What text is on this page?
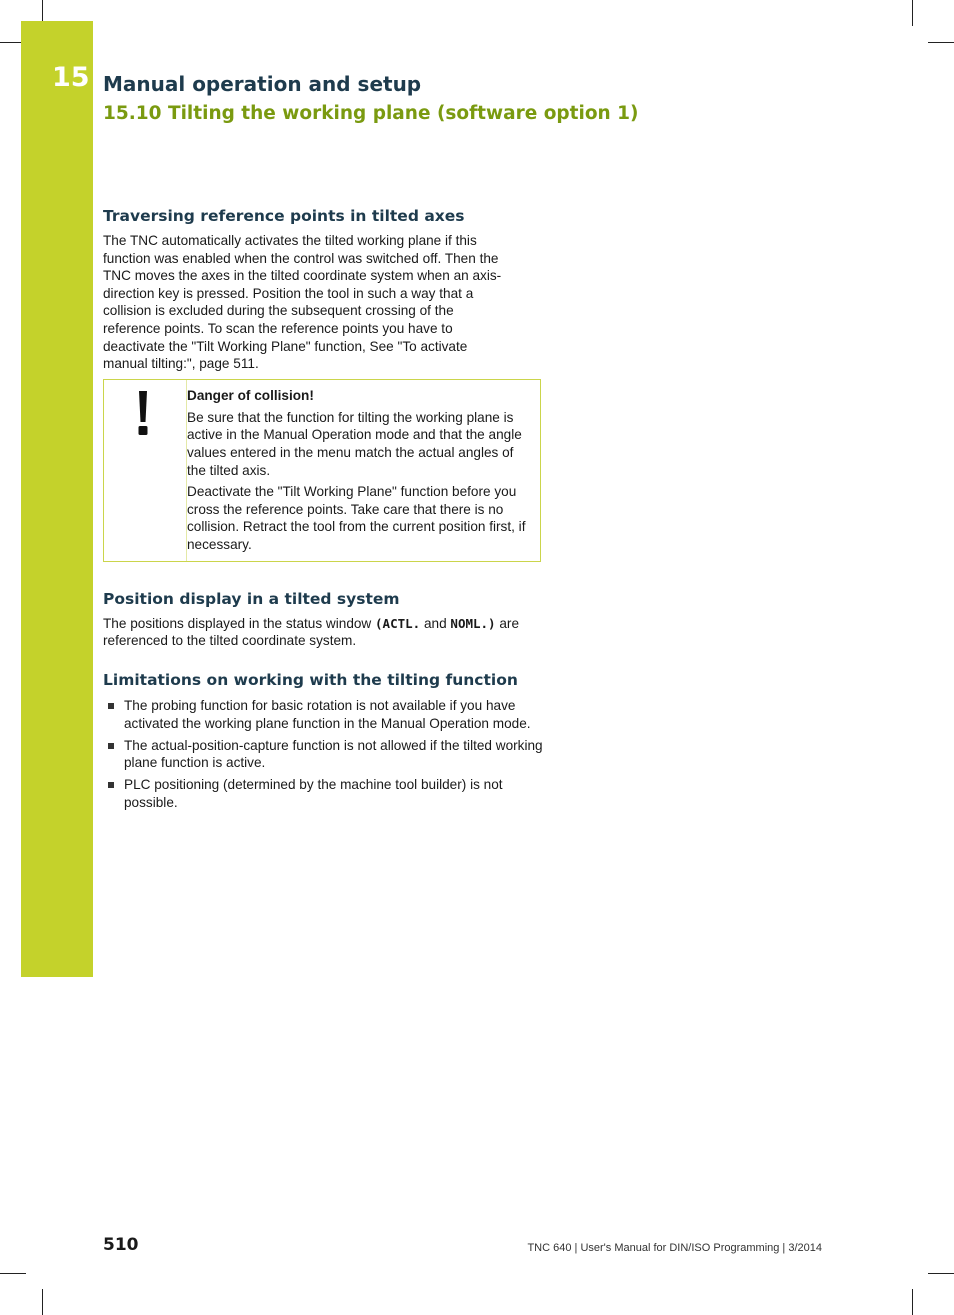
15 Manual operation and setup
15.10 Tilting the working plane (software option 1)
Traversing reference points in tilted axes

The TNC automatically activates the tilted working plane if this function was enabled when the control was switched off. Then the TNC moves the axes in the tilted coordinate system when an axis-direction key is pressed. Position the tool in such a way that a collision is excluded during the subsequent crossing of the reference points. To scan the reference points you have to deactivate the "Tilt Working Plane" function, See "To activate manual tilting:", page 511.

Danger of collision!

Be sure that the function for tilting the working plane is active in the Manual Operation mode and that the angle values entered in the menu match the actual angles of the tilted axis.

Deactivate the "Tilt Working Plane" function before you cross the reference points. Take care that there is no collision. Retract the tool from the current position first, if necessary.

Position display in a tilted system

The positions displayed in the status window (ACTL. and NOML.) are referenced to the tilted coordinate system.

Limitations on working with the tilting function
The probing function for basic rotation is not available if you have activated the working plane function in the Manual Operation mode.
The actual-position-capture function is not allowed if the tilted working plane function is active.
PLC positioning (determined by the machine tool builder) is not possible.
510	TNC 640 | User's Manual for DIN/ISO Programming | 3/2014
